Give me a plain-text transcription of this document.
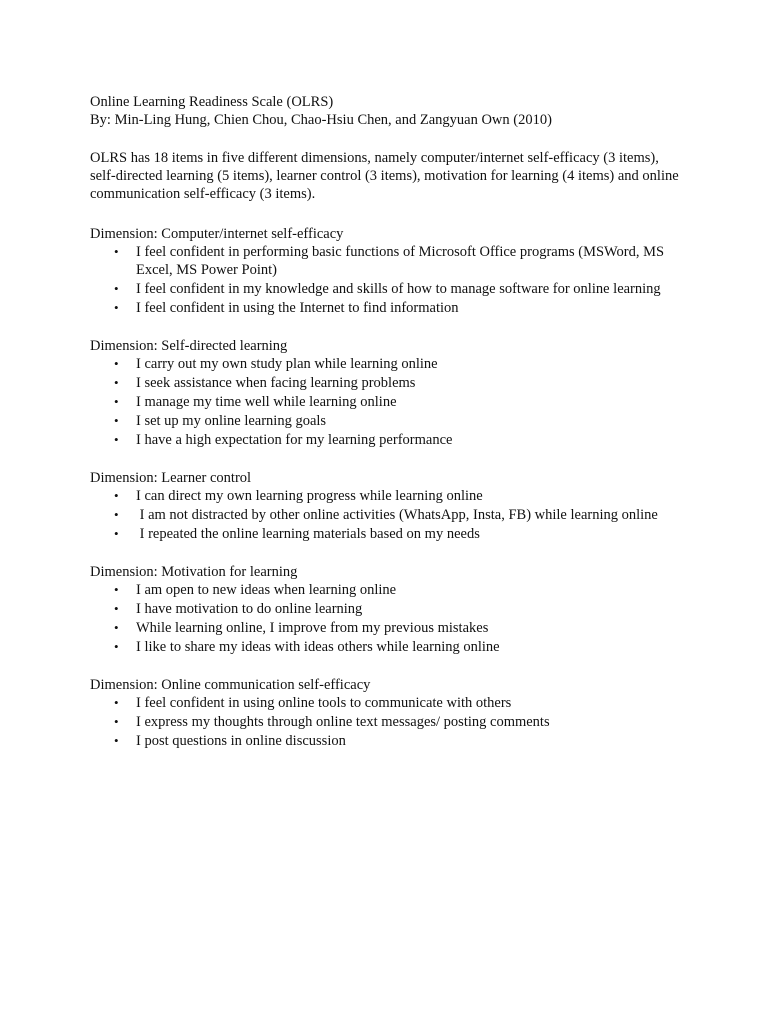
Online Learning Readiness Scale (OLRS)

By: Min-Ling Hung, Chien Chou, Chao-Hsiu Chen, and Zangyuan Own (2010)

OLRS has 18 items in five different dimensions, namely computer/internet self-efficacy (3 items), self-directed learning (5 items), learner control (3 items), motivation for learning (4 items) and online communication self-efficacy (3 items).

Dimension: Computer/internet self-efficacy

• I feel confident in performing basic functions of Microsoft Office programs (MSWord, MS Excel, MS Power Point)
• I feel confident in my knowledge and skills of how to manage software for online learning
• I feel confident in using the Internet to find information

Dimension: Self-directed learning

• I carry out my own study plan while learning online
• I seek assistance when facing learning problems
• I manage my time well while learning online
• I set up my online learning goals
• I have a high expectation for my learning performance

Dimension: Learner control

• I can direct my own learning progress while learning online
• I am not distracted by other online activities (WhatsApp, Insta, FB) while learning online
• I repeated the online learning materials based on my needs

Dimension: Motivation for learning

• I am open to new ideas when learning online
• I have motivation to do online learning
• While learning online, I improve from my previous mistakes
• I like to share my ideas with ideas others while learning online

Dimension: Online communication self-efficacy

• I feel confident in using online tools to communicate with others
• I express my thoughts through online text messages/ posting comments
• I post questions in online discussion
